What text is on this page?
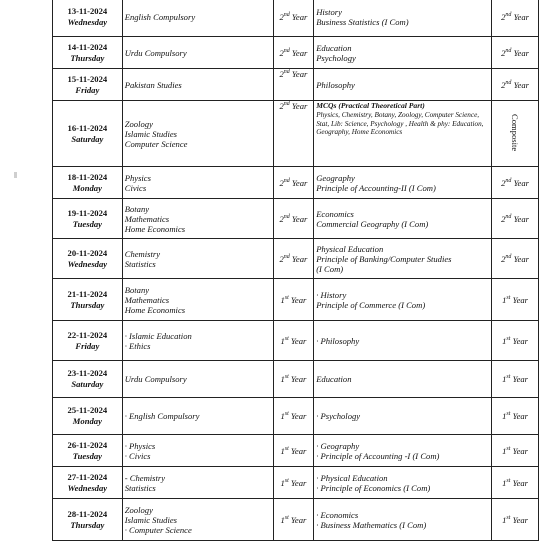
13-11-2024
Wednesday	English Compulsory	2nd Year	History
Business Statistics (I Com)	2nd Year

14-11-2024
Thursday	Urdu Compulsory	2nd Year	Education
Psychology	2nd Year

15-11-2024
Friday	Pakistan Studies	2nd Year	Philosophy	2nd Year

16-11-2024
Saturday	Zoology
Islamic Studies
Computer Science	2nd Year	MCQs (Practical Theoretical Part)
Physics, Chemistry, Botany, Zoology, Computer Science, Stat, Lib: Science, Psychology , Health & phy: Education, Geography, Home Economics	Composite

18-11-2024
Monday	Physics
Civics	2nd Year	Geography
Principle of Accounting-II (I Com)	2nd Year

19-11-2024
Tuesday	Botany
Mathematics
Home Economics	2nd Year	Economics
Commercial Geography (I Com)	2nd Year

20-11-2024
Wednesday	Chemistry
Statistics	2nd Year	Physical Education
Principle of Banking/Computer Studies
(I Com)	2nd Year

21-11-2024
Thursday	Botany
Mathematics
Home Economics	1st Year	· History
Principle of Commerce (I Com)	1st Year

22-11-2024
Friday	· Islamic Education
· Ethics	1st Year	· Philosophy	1st Year

23-11-2024
Saturday	Urdu Compulsory	1st Year	Education	1st Year

25-11-2024
Monday	· English Compulsory	1st Year	· Psychology	1st Year

26-11-2024
Tuesday	· Physics
· Civics	1st Year	· Geography
· Principle of Accounting -I (I Com)	1st Year

27-11-2024
Wednesday	- Chemistry
Statistics	1st Year	· Physical Education
· Principle of Economics (I Com)	1st Year

28-11-2024
Thursday	Zoology
Islamic Studies
· Computer Science	1st Year	· Economics
· Business Mathematics (I Com)	1st Year
